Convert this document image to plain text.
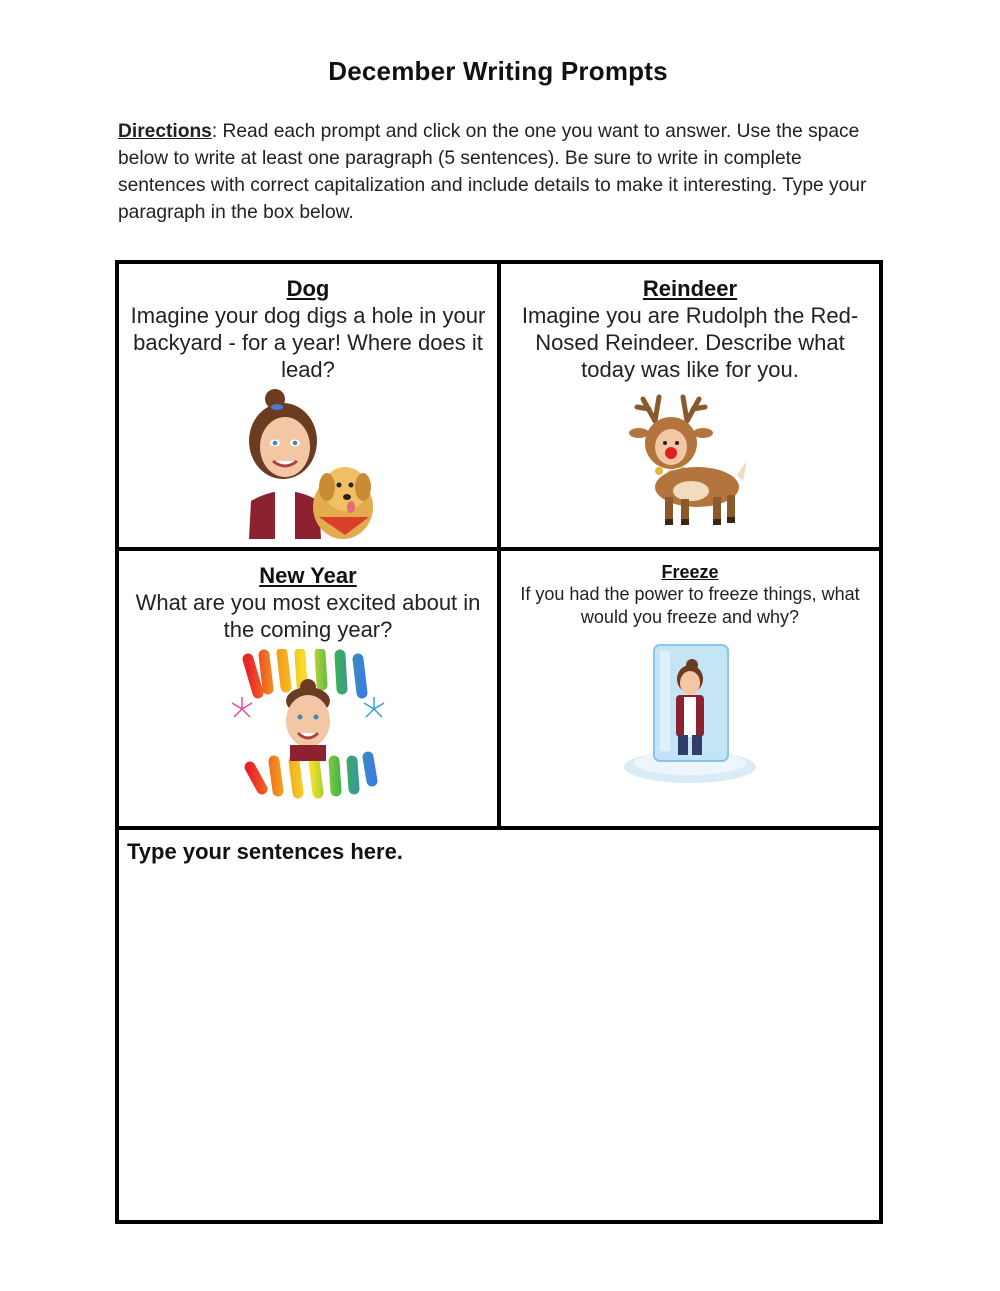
December Writing Prompts
Directions: Read each prompt and click on the one you want to answer. Use the space below to write at least one paragraph (5 sentences). Be sure to write in complete sentences with correct capitalization and include details to make it interesting. Type your paragraph in the box below.
Dog
Imagine your dog digs a hole in your backyard - for a year! Where does it lead?
Reindeer
Imagine you are Rudolph the Red-Nosed Reindeer. Describe what today was like for you.
New Year
What are you most excited about in the coming year?
Freeze
If you had the power to freeze things, what would you freeze and why?
Type your sentences here.
